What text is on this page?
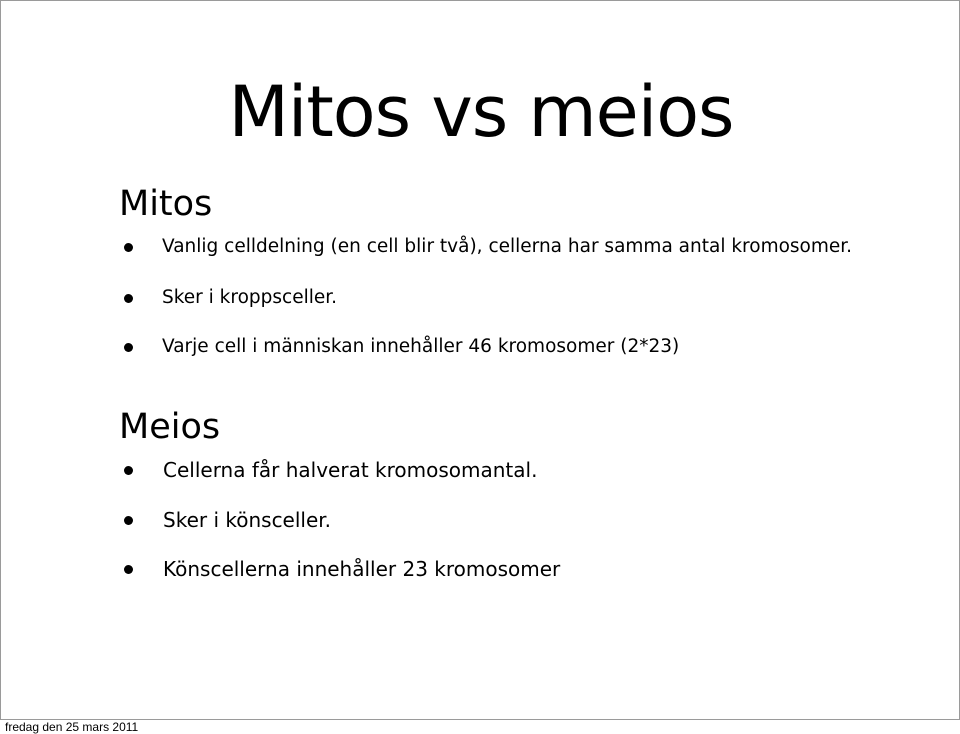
Mitos vs meios
Mitos
Vanlig celldelning (en cell blir två), cellerna har samma antal kromosomer.
Sker i kroppsceller.
Varje cell i människan innehåller 46 kromosomer (2*23)
Meios
Cellerna får halverat kromosomantal.
Sker i könsceller.
Könscellerna innehåller 23 kromosomer
fredag den 25 mars 2011
